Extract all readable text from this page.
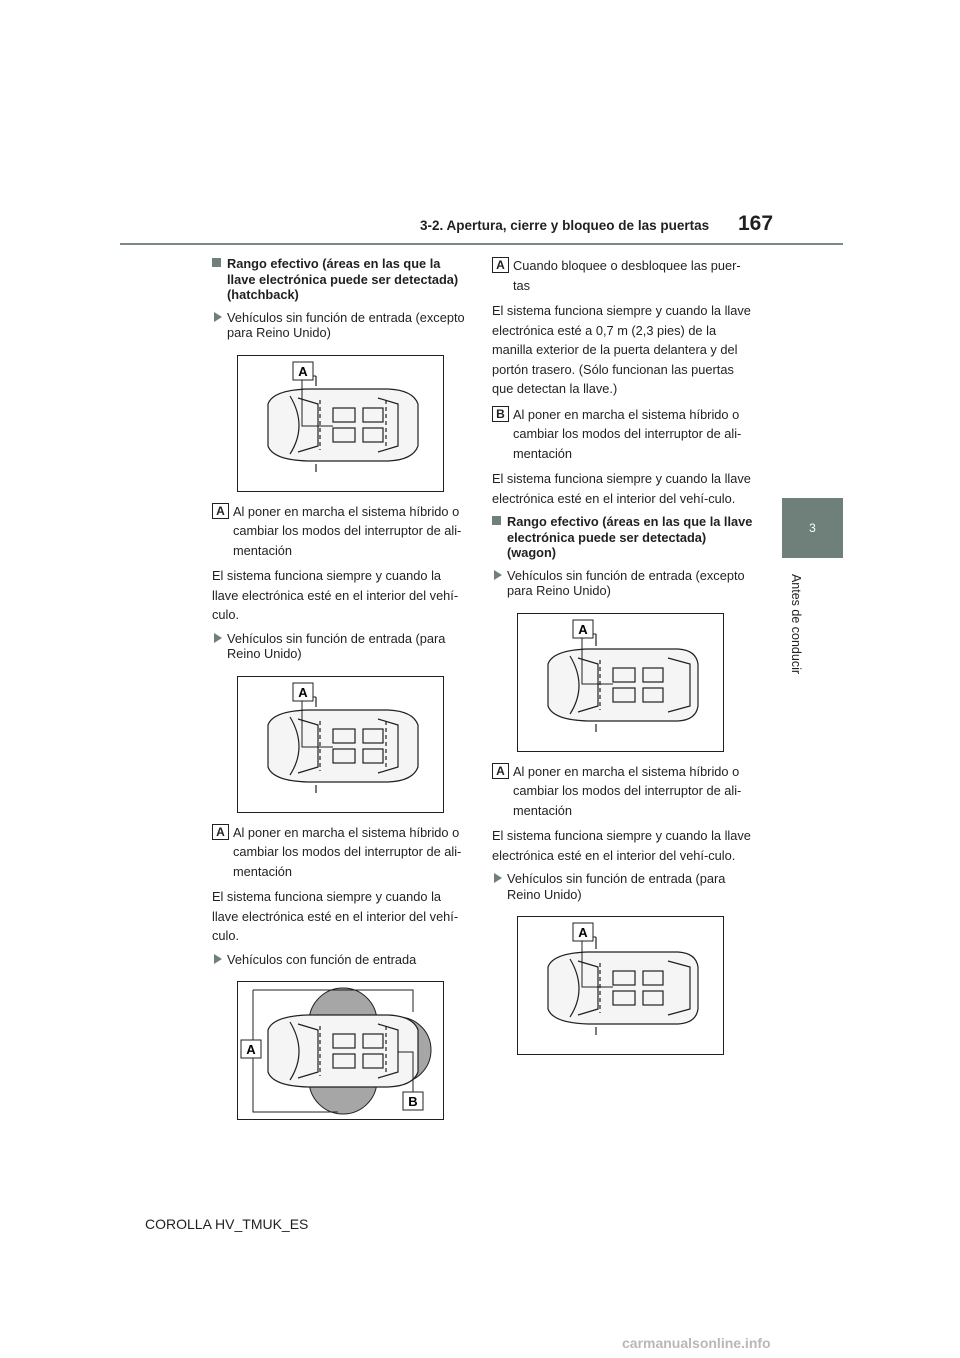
3-2. Apertura, cierre y bloqueo de las puertas 167
3
Antes de conducir
Rango efectivo (áreas en las que la llave electrónica puede ser detectada) (hatchback)
Vehículos sin función de entrada (excepto para Reino Unido)
A
A Al poner en marcha el sistema híbrido o
cambiar los modos del interruptor de ali-
mentación
El sistema funciona siempre y cuando la llave electrónica esté en el interior del vehí-culo.
Vehículos sin función de entrada (para Reino Unido)
A
A Al poner en marcha el sistema híbrido o
cambiar los modos del interruptor de ali-
mentación
El sistema funciona siempre y cuando la llave electrónica esté en el interior del vehí-culo.
Vehículos con función de entrada
A
B
A Cuando bloquee o desbloquee las puer-
tas
El sistema funciona siempre y cuando la llave electrónica esté a 0,7 m (2,3 pies) de la manilla exterior de la puerta delantera y del portón trasero. (Sólo funcionan las puertas que detectan la llave.)
B Al poner en marcha el sistema híbrido o
cambiar los modos del interruptor de ali-
mentación
El sistema funciona siempre y cuando la llave electrónica esté en el interior del vehí-culo.
Rango efectivo (áreas en las que la llave electrónica puede ser detectada) (wagon)
Vehículos sin función de entrada (excepto para Reino Unido)
A
A Al poner en marcha el sistema híbrido o
cambiar los modos del interruptor de ali-
mentación
El sistema funciona siempre y cuando la llave electrónica esté en el interior del vehí-culo.
Vehículos sin función de entrada (para Reino Unido)
A
COROLLA HV_TMUK_ES
carmanualsonline.info
